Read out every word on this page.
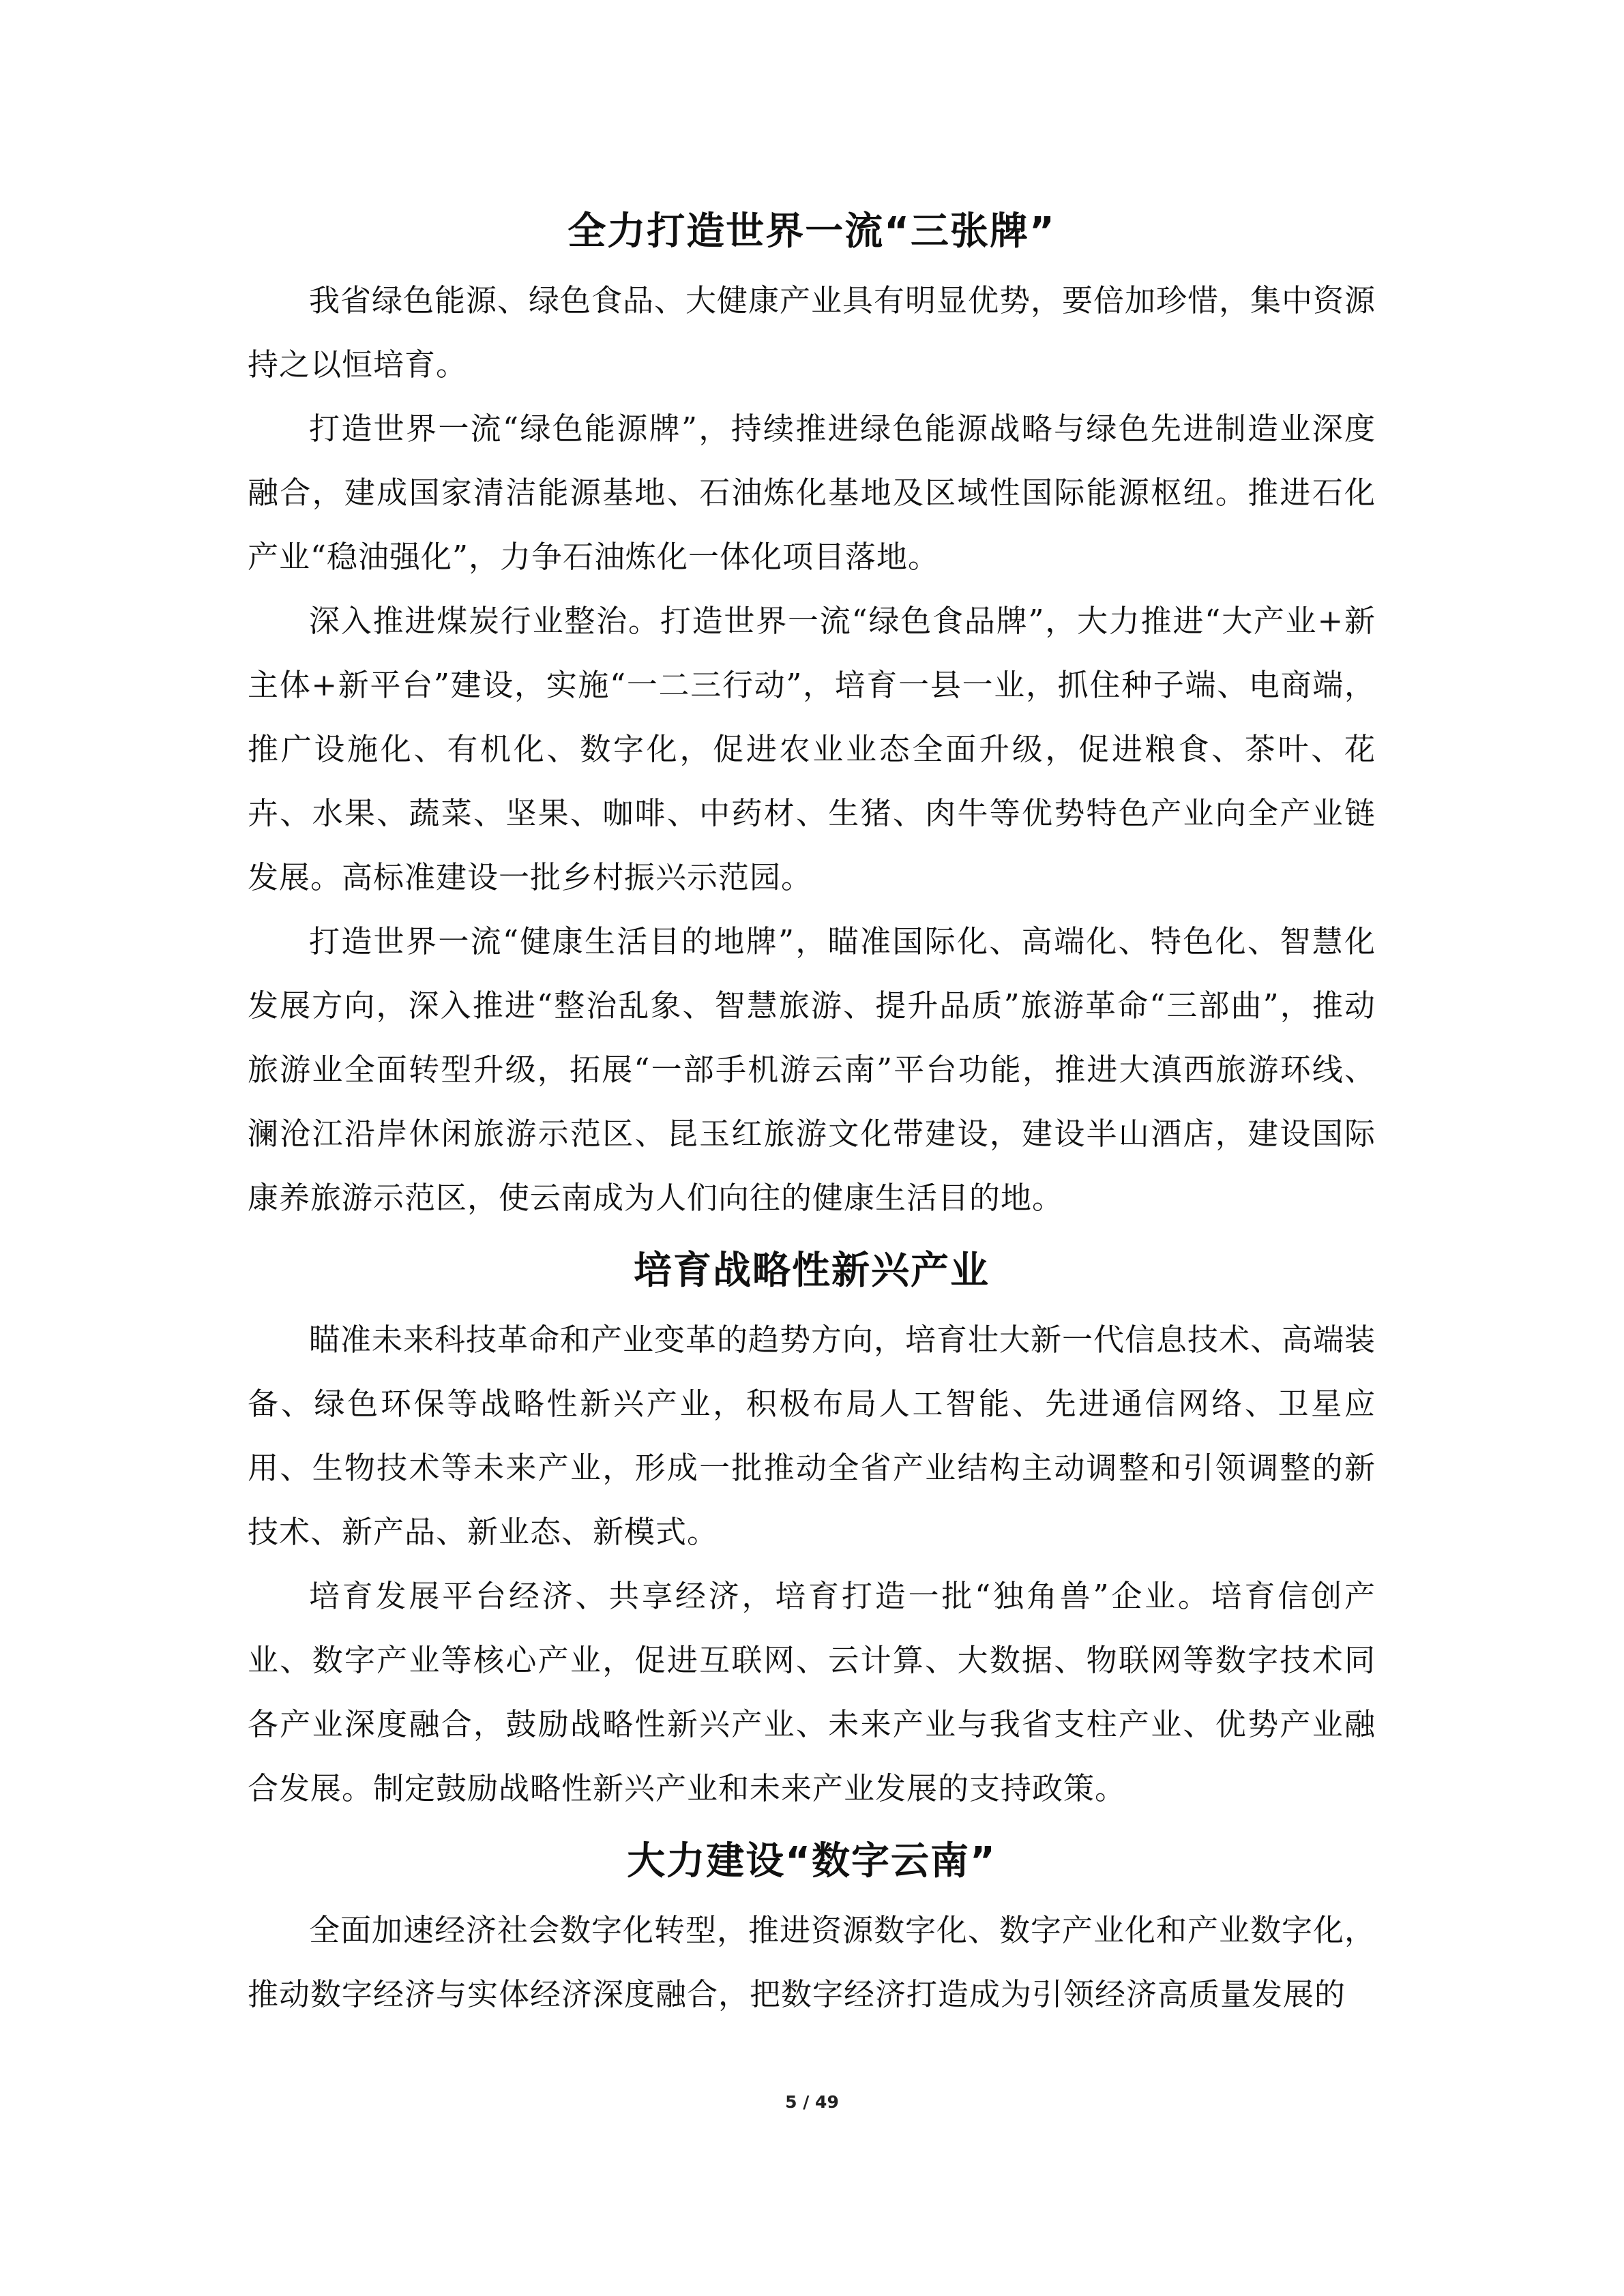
全力打造世界一流“三张牌”

我省绿色能源、绿色食品、大健康产业具有明显优势，要倍加珍惜，集中资源持之以恒培育。

打造世界一流“绿色能源牌”，持续推进绿色能源战略与绿色先进制造业深度融合，建成国家清洁能源基地、石油炼化基地及区域性国际能源枢纽。推进石化产业“稳油强化”，力争石油炼化一体化项目落地。

深入推进煤炭行业整治。打造世界一流“绿色食品牌”，大力推进“大产业+新主体+新平台”建设，实施“一二三行动”，培育一县一业，抓住种子端、电商端，推广设施化、有机化、数字化，促进农业业态全面升级，促进粮食、茶叶、花卉、水果、蔬菜、坚果、咖啡、中药材、生猪、肉牛等优势特色产业向全产业链发展。高标准建设一批乡村振兴示范园。

打造世界一流“健康生活目的地牌”，瞄准国际化、高端化、特色化、智慧化发展方向，深入推进“整治乱象、智慧旅游、提升品质”旅游革命“三部曲”，推动旅游业全面转型升级，拓展“一部手机游云南”平台功能，推进大滇西旅游环线、澜沧江沿岸休闲旅游示范区、昆玉红旅游文化带建设，建设半山酒店，建设国际康养旅游示范区，使云南成为人们向往的健康生活目的地。

培育战略性新兴产业

瞄准未来科技革命和产业变革的趋势方向，培育壮大新一代信息技术、高端装备、绿色环保等战略性新兴产业，积极布局人工智能、先进通信网络、卫星应用、生物技术等未来产业，形成一批推动全省产业结构主动调整和引领调整的新技术、新产品、新业态、新模式。

培育发展平台经济、共享经济，培育打造一批“独角兽”企业。培育信创产业、数字产业等核心产业，促进互联网、云计算、大数据、物联网等数字技术同各产业深度融合，鼓励战略性新兴产业、未来产业与我省支柱产业、优势产业融合发展。制定鼓励战略性新兴产业和未来产业发展的支持政策。

大力建设“数字云南”

全面加速经济社会数字化转型，推进资源数字化、数字产业化和产业数字化，推动数字经济与实体经济深度融合，把数字经济打造成为引领经济高质量发展的

5 / 49
